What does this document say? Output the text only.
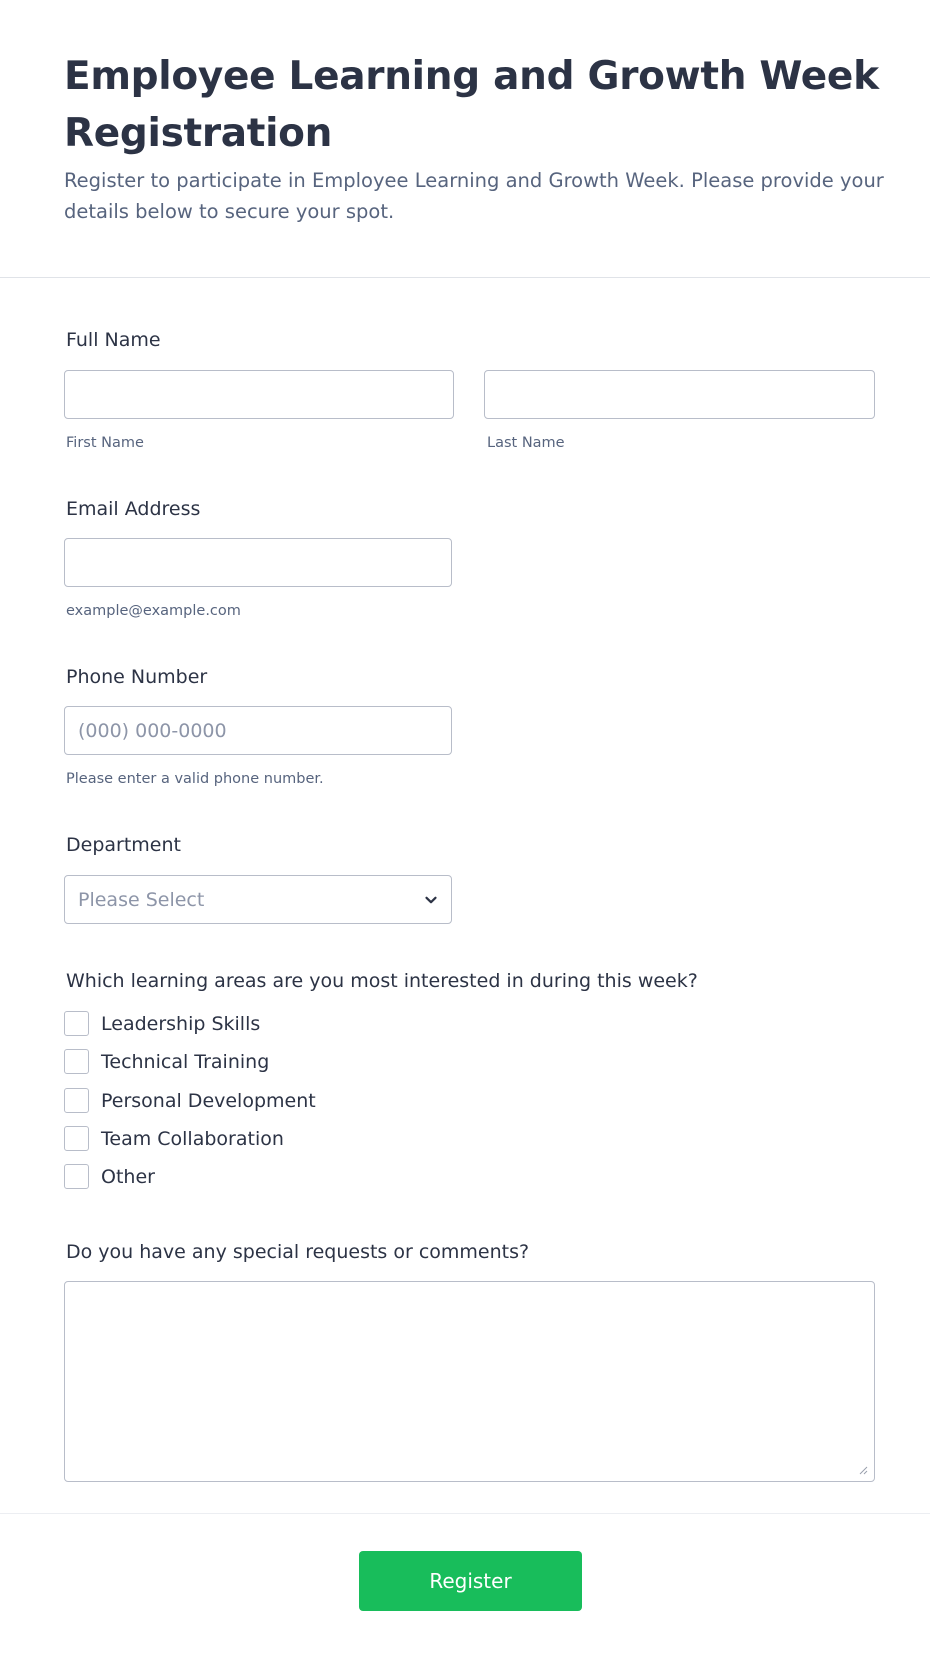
Employee Learning and Growth Week Registration

Register to participate in Employee Learning and Growth Week. Please provide your details below to secure your spot.

Full Name
First Name	Last Name
Email Address
example@example.com
Phone Number
(000) 000-0000
Please enter a valid phone number.
Department
Please Select
Which learning areas are you most interested in during this week?
Leadership Skills
Technical Training
Personal Development
Team Collaboration
Other
Do you have any special requests or comments?
Register
